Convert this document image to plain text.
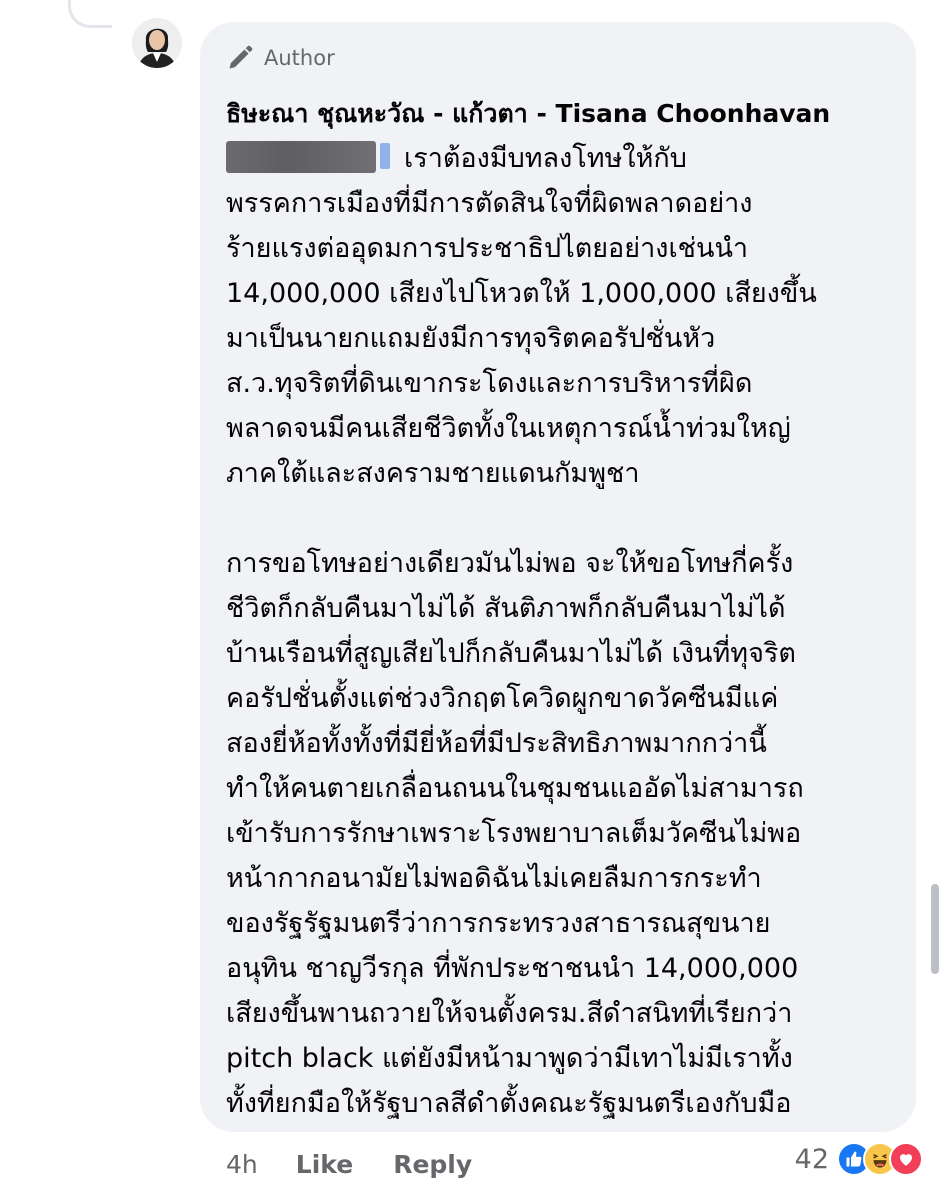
Author
ธิษะณา ชุณหะวัณ - แก้วตา - Tisana Choonhavan
เราต้องมีบทลงโทษให้กับ
พรรคการเมืองที่มีการตัดสินใจที่ผิดพลาดอย่าง
ร้ายแรงต่ออุดมการประชาธิปไตยอย่างเช่นนำ
14,000,000 เสียงไปโหวตให้ 1,000,000 เสียงขึ้น
มาเป็นนายกแถมยังมีการทุจริตคอรัปชั่นหัว
ส.ว.ทุจริตที่ดินเขากระโดงและการบริหารที่ผิด
พลาดจนมีคนเสียชีวิตทั้งในเหตุการณ์น้ำท่วมใหญ่
ภาคใต้และสงครามชายแดนกัมพูชา
การขอโทษอย่างเดียวมันไม่พอ จะให้ขอโทษกี่ครั้ง
ชีวิตก็กลับคืนมาไม่ได้ สันติภาพก็กลับคืนมาไม่ได้
บ้านเรือนที่สูญเสียไปก็กลับคืนมาไม่ได้ เงินที่ทุจริต
คอรัปชั่นตั้งแต่ช่วงวิกฤตโควิดผูกขาดวัคซีนมีแค่
สองยี่ห้อทั้งทั้งที่มียี่ห้อที่มีประสิทธิภาพมากกว่านี้
ทำให้คนตายเกลื่อนถนนในชุมชนแออัดไม่สามารถ
เข้ารับการรักษาเพราะโรงพยาบาลเต็มวัคซีนไม่พอ
หน้ากากอนามัยไม่พอดิฉันไม่เคยลืมการกระทำ
ของรัฐรัฐมนตรีว่าการกระทรวงสาธารณสุขนาย
อนุทิน ชาญวีรกุล ที่พักประชาชนนำ 14,000,000
เสียงขึ้นพานถวายให้จนตั้งครม.สีดำสนิทที่เรียกว่า
pitch black แต่ยังมีหน้ามาพูดว่ามีเทาไม่มีเราทั้ง
ทั้งที่ยกมือให้รัฐบาลสีดำตั้งคณะรัฐมนตรีเองกับมือ
4h Like Reply	42
